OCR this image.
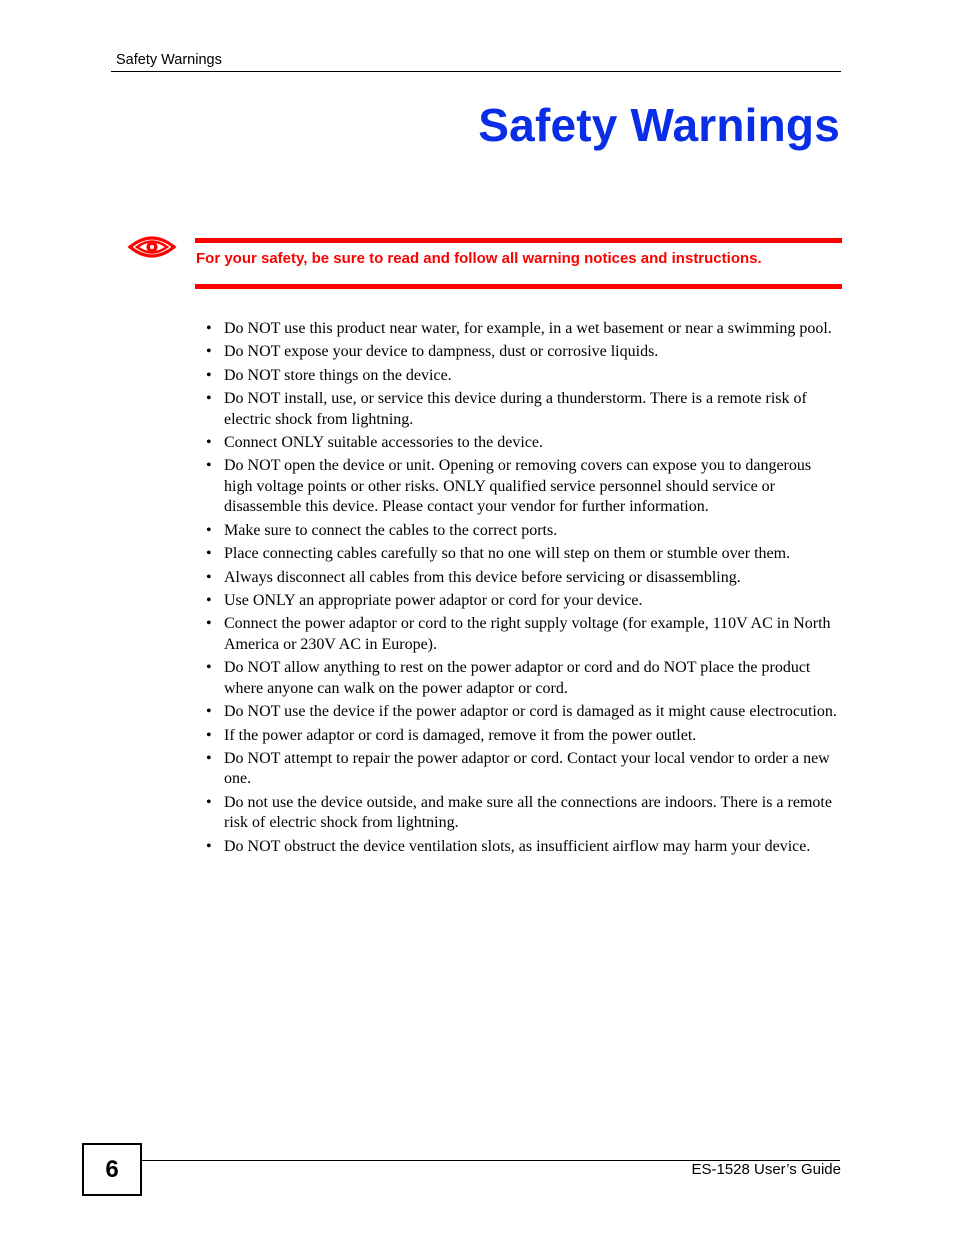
Safety Warnings
Safety Warnings
For your safety, be sure to read and follow all warning notices and instructions.
• Do NOT use this product near water, for example, in a wet basement or near a swimming pool.
• Do NOT expose your device to dampness, dust or corrosive liquids.
• Do NOT store things on the device.
• Do NOT install, use, or service this device during a thunderstorm. There is a remote risk of electric shock from lightning.
• Connect ONLY suitable accessories to the device.
• Do NOT open the device or unit. Opening or removing covers can expose you to dangerous high voltage points or other risks. ONLY qualified service personnel should service or disassemble this device. Please contact your vendor for further information.
• Make sure to connect the cables to the correct ports.
• Place connecting cables carefully so that no one will step on them or stumble over them.
• Always disconnect all cables from this device before servicing or disassembling.
• Use ONLY an appropriate power adaptor or cord for your device.
• Connect the power adaptor or cord to the right supply voltage (for example, 110V AC in North America or 230V AC in Europe).
• Do NOT allow anything to rest on the power adaptor or cord and do NOT place the product where anyone can walk on the power adaptor or cord.
• Do NOT use the device if the power adaptor or cord is damaged as it might cause electrocution.
• If the power adaptor or cord is damaged, remove it from the power outlet.
• Do NOT attempt to repair the power adaptor or cord. Contact your local vendor to order a new one.
• Do not use the device outside, and make sure all the connections are indoors. There is a remote risk of electric shock from lightning.
• Do NOT obstruct the device ventilation slots, as insufficient airflow may harm your device.
6	ES-1528 User’s Guide
